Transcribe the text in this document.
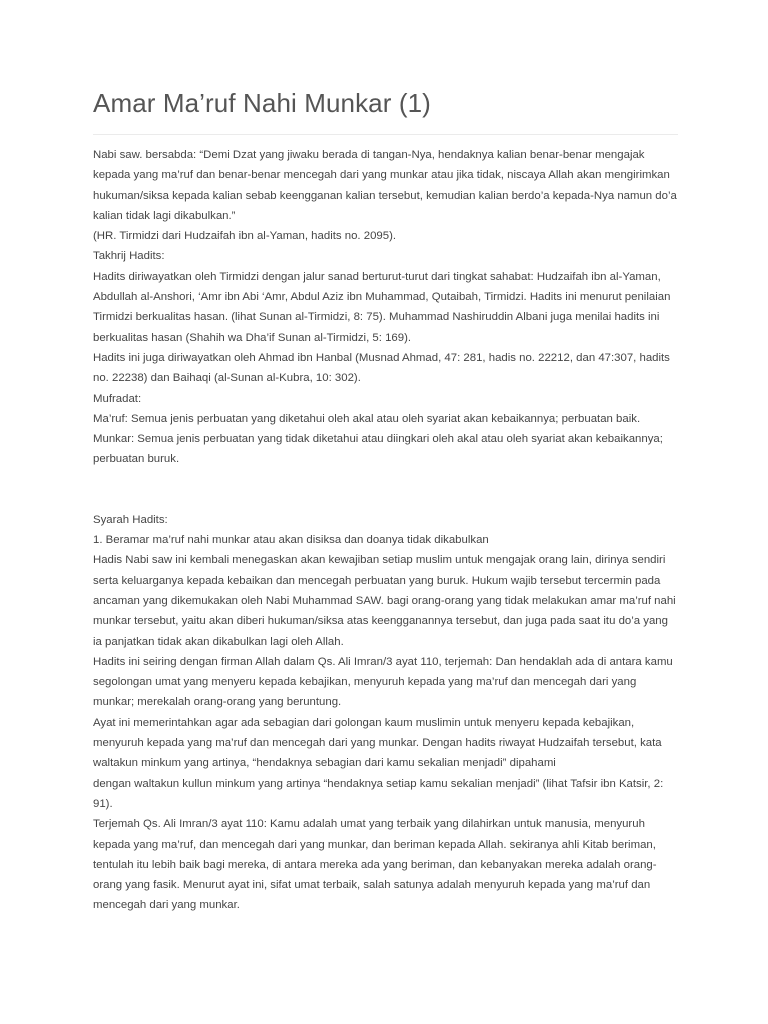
Amar Ma’ruf Nahi Munkar (1)

Nabi saw. bersabda: “Demi Dzat yang jiwaku berada di tangan-Nya, hendaknya kalian benar-benar mengajak kepada yang ma’ruf dan benar-benar mencegah dari yang munkar atau jika tidak, niscaya Allah akan mengirimkan hukuman/siksa kepada kalian sebab keengganan kalian tersebut, kemudian kalian berdo’a kepada-Nya namun do’a kalian tidak lagi dikabulkan.”

(HR. Tirmidzi dari Hudzaifah ibn al-Yaman, hadits no. 2095).

Takhrij Hadits:

Hadits diriwayatkan oleh Tirmidzi dengan jalur sanad berturut-turut dari tingkat sahabat: Hudzaifah ibn al-Yaman, Abdullah al-Anshori, ‘Amr ibn Abi ‘Amr, Abdul Aziz ibn Muhammad, Qutaibah, Tirmidzi. Hadits ini menurut penilaian Tirmidzi berkualitas hasan. (lihat Sunan al-Tirmidzi, 8: 75). Muhammad Nashiruddin Albani juga menilai hadits ini berkualitas hasan (Shahih wa Dha’if Sunan al-Tirmidzi, 5: 169).

Hadits ini juga diriwayatkan oleh Ahmad ibn Hanbal (Musnad Ahmad, 47: 281, hadis no. 22212, dan 47:307, hadits no. 22238) dan Baihaqi (al-Sunan al-Kubra, 10: 302).

Mufradat:

Ma’ruf: Semua jenis perbuatan yang diketahui oleh akal atau oleh syariat akan kebaikannya; perbuatan baik.

Munkar: Semua jenis perbuatan yang tidak diketahui atau diingkari oleh akal atau oleh syariat akan kebaikannya; perbuatan buruk.

Syarah Hadits:

1. Beramar ma’ruf nahi munkar atau akan disiksa dan doanya tidak dikabulkan

Hadis Nabi saw ini kembali menegaskan akan kewajiban setiap muslim untuk mengajak orang lain, dirinya sendiri serta keluarganya kepada kebaikan dan mencegah perbuatan yang buruk. Hukum wajib tersebut tercermin pada ancaman yang dikemukakan oleh Nabi Muhammad SAW. bagi orang-orang yang tidak melakukan amar ma’ruf nahi munkar tersebut, yaitu akan diberi hukuman/siksa atas keengganannya tersebut, dan juga pada saat itu do’a yang ia panjatkan tidak akan dikabulkan lagi oleh Allah.

Hadits ini seiring dengan firman Allah dalam Qs. Ali Imran/3 ayat 110, terjemah: Dan hendaklah ada di antara kamu segolongan umat yang menyeru kepada kebajikan, menyuruh kepada yang ma’ruf dan mencegah dari yang munkar; merekalah orang-orang yang beruntung.

Ayat ini memerintahkan agar ada sebagian dari golongan kaum muslimin untuk menyeru kepada kebajikan, menyuruh kepada yang ma’ruf dan mencegah dari yang munkar. Dengan hadits riwayat Hudzaifah tersebut, kata waltakun minkum yang artinya, “hendaknya sebagian dari kamu sekalian menjadi” dipahami

dengan waltakun kullun minkum yang artinya “hendaknya setiap kamu sekalian menjadi” (lihat Tafsir ibn Katsir, 2: 91).

Terjemah Qs. Ali Imran/3 ayat 110: Kamu adalah umat yang terbaik yang dilahirkan untuk manusia, menyuruh kepada yang ma’ruf, dan mencegah dari yang munkar, dan beriman kepada Allah. sekiranya ahli Kitab beriman, tentulah itu lebih baik bagi mereka, di antara mereka ada yang beriman, dan kebanyakan mereka adalah orang-orang yang fasik. Menurut ayat ini, sifat umat terbaik, salah satunya adalah menyuruh kepada yang ma’ruf dan mencegah dari yang munkar.
